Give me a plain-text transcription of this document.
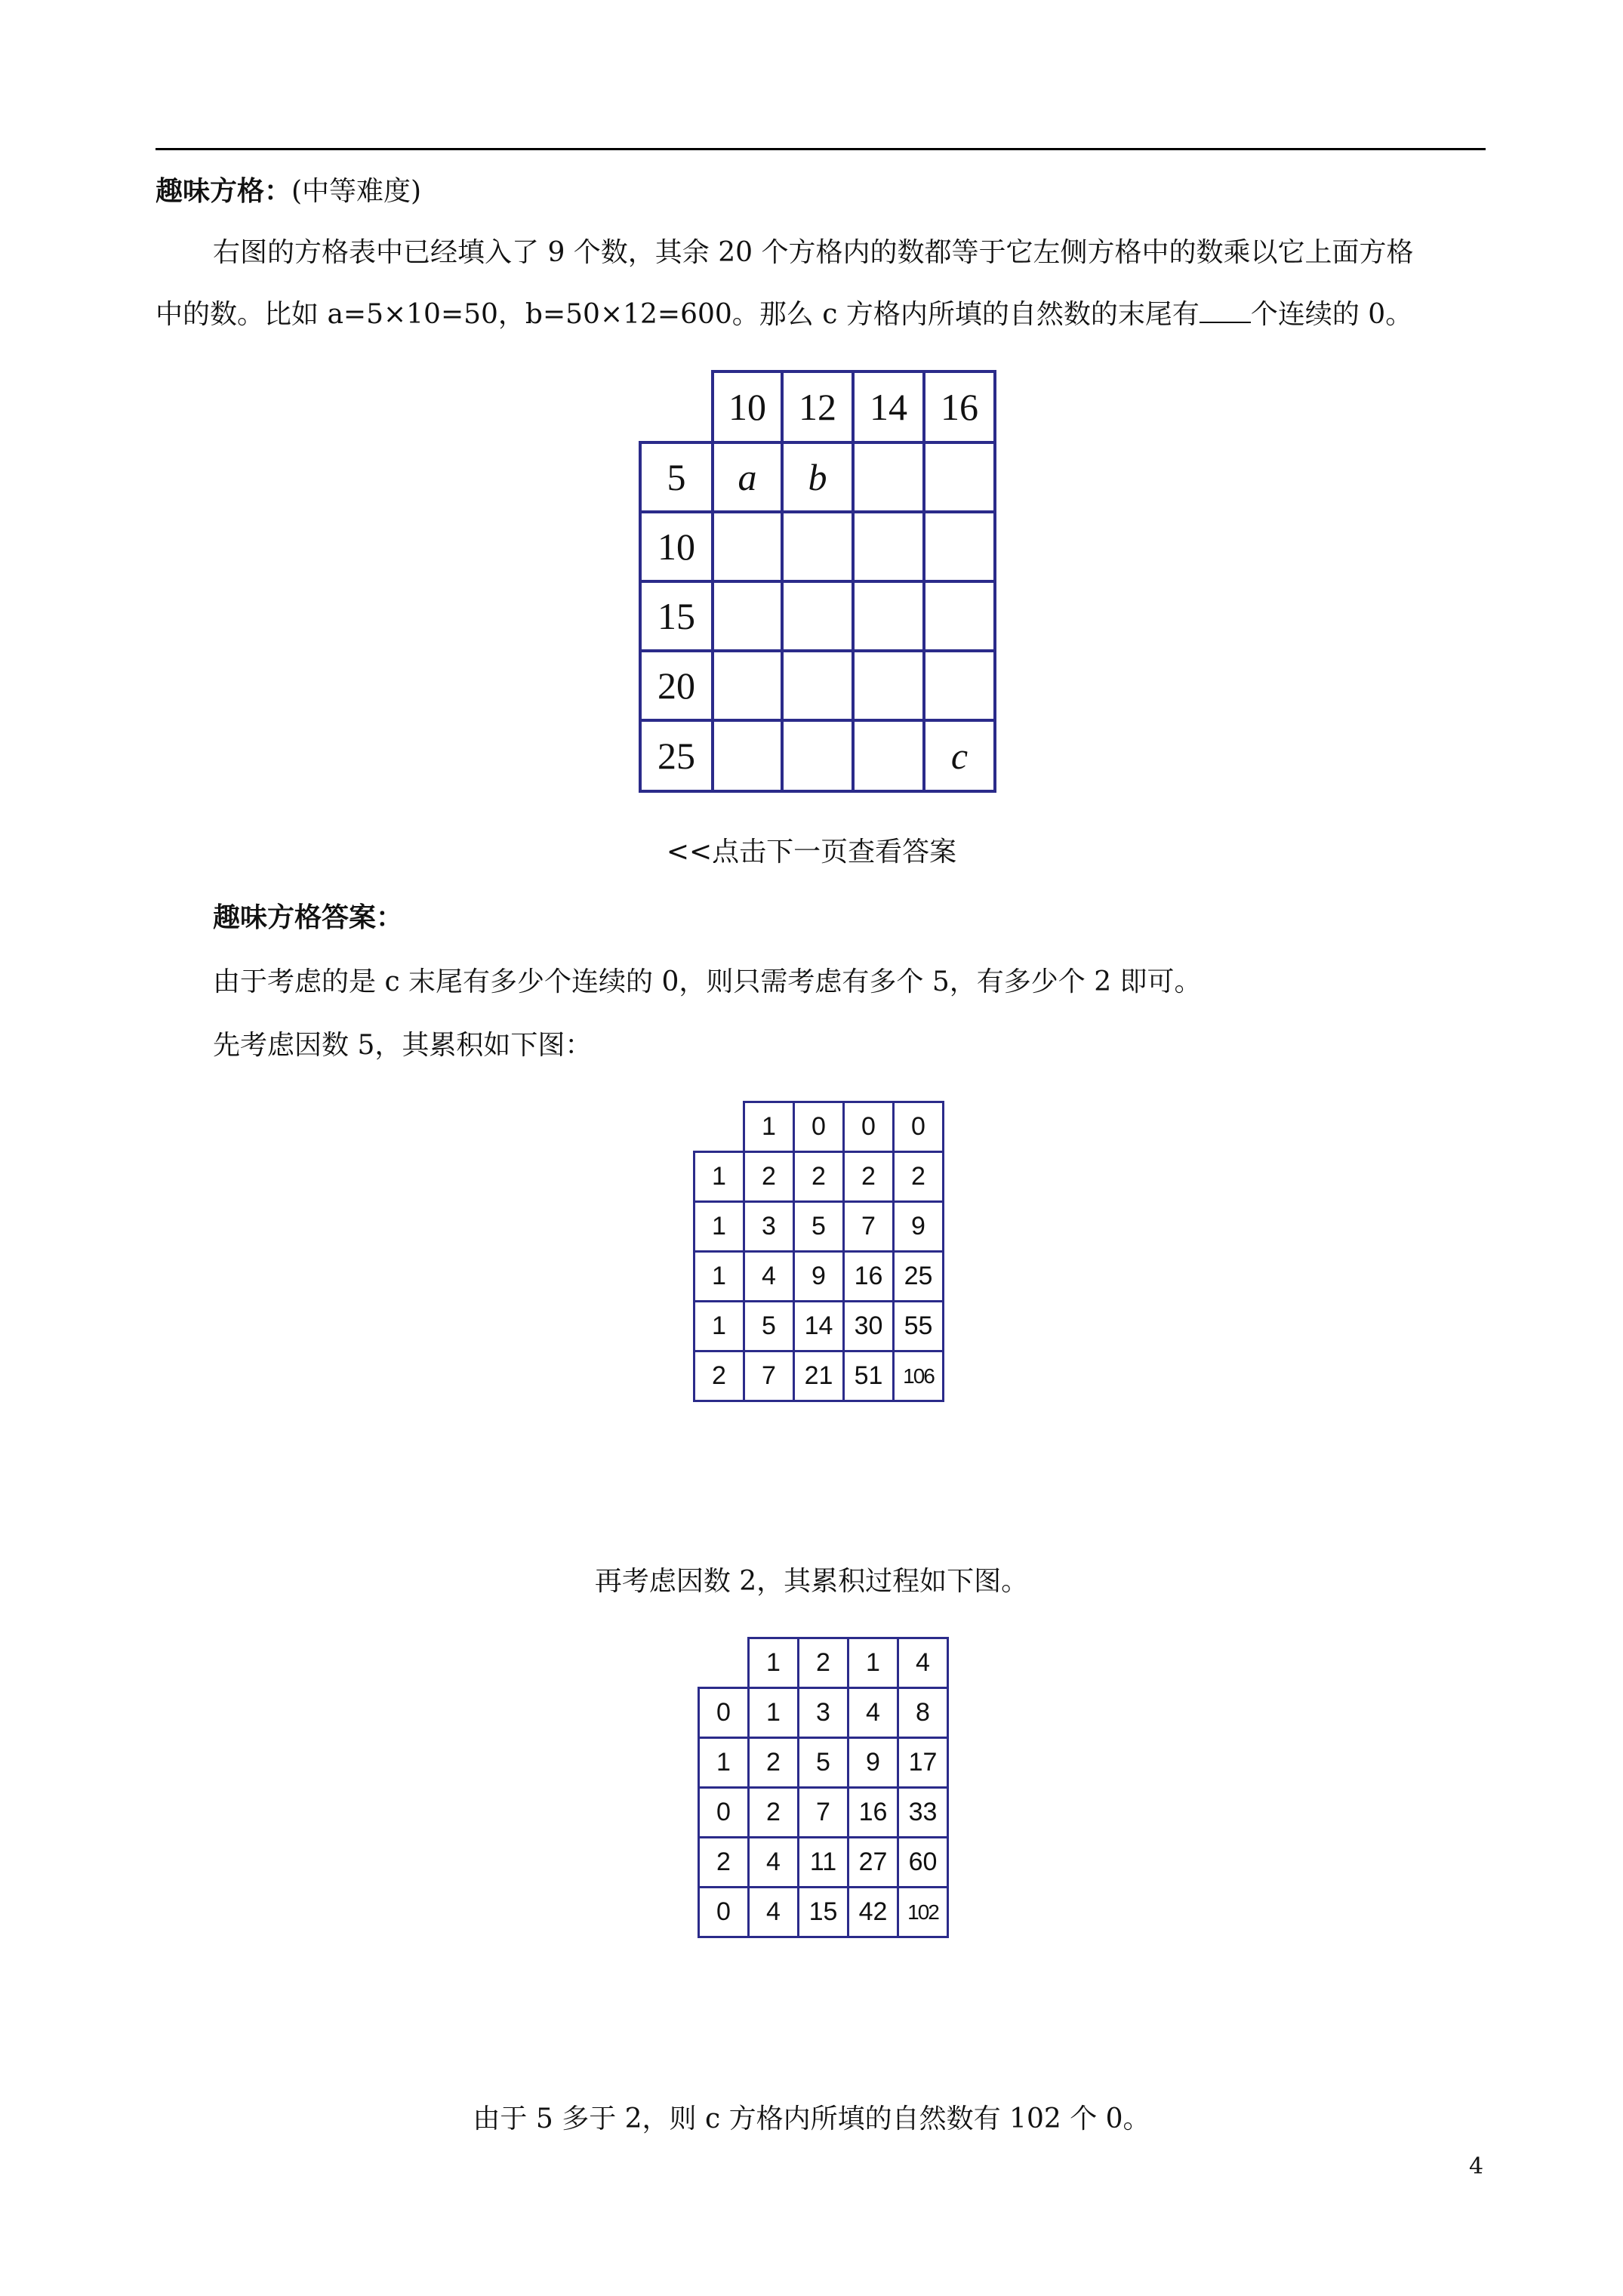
趣味方格：(中等难度)
右图的方格表中已经填入了 9 个数，其余 20 个方格内的数都等于它左侧方格中的数乘以它上面方格
中的数。比如 a=5×10=50，b=50×12=600。那么 c 方格内所填的自然数的末尾有 个连续的 0。
	10	12	14	16
5	a	b		
10				
15				
20				
25				c
<<点击下一页查看答案
趣味方格答案：
由于考虑的是 c 末尾有多少个连续的 0，则只需考虑有多个 5，有多少个 2 即可。
先考虑因数 5，其累积如下图：
	1	0	0	0
1	2	2	2	2
1	3	5	7	9
1	4	9	16	25
1	5	14	30	55
2	7	21	51	106
再考虑因数 2，其累积过程如下图。
	1	2	1	4
0	1	3	4	8
1	2	5	9	17
0	2	7	16	33
2	4	11	27	60
0	4	15	42	102
由于 5 多于 2，则 c 方格内所填的自然数有 102 个 0。
4
